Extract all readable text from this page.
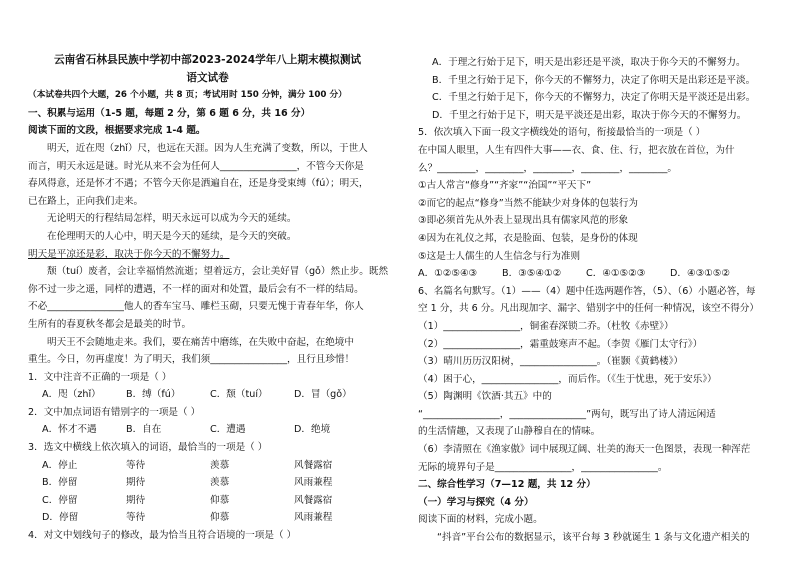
云南省石林县民族中学初中部2023-2024学年八上期末模拟测试
语文试卷
（本试卷共四个大题，26 个小题，共 8 页；考试用时 150 分钟，满分 100 分）
一、积累与运用（1-5 题，每题 2 分，第 6 题 6 分，共 16 分）
阅读下面的文段，根据要求完成 1-4 题。
明天，近在咫（zhǐ）尺，也远在天涯。因为人生充满了变数，所以，于世人
而言，明天永远是谜。时光从来不会为任何人________________，不管今天你是
春风得意，还是怀才不遇；不管今天你是洒遍自在，还是身受束缚（fú）；明天，
已在路上，正向我们走来。
无论明天的行程结局怎样，明天永远可以成为今天的延续。
在伦理明天的人心中，明天是今天的延续，是今天的突破。
明天是平凉还是彩，取决于你今天的不懈努力。
颓（tuí）废者，会让幸福悄然流逝；望着远方，会让美好冒（gǒ）然止步。既然
你不过一步之遥，同样的遭遇，不一样的面对和处置，最后会有不一样的结局。
不必________________他人的香车宝马、雕栏玉砌，只要无愧于青春年华，你人
生所有的春夏秋冬都会是最美的时节。
明天王不会随地走来。我们，要在痛苦中磨练，在失败中奋起，在绝境中
重生。今日，勿再虚度！为了明天，我们须________________，且行且珍惜！
1．文中注音不正确的一项是（ ）
A．咫（zhǐ）	B．缚（fú）	C．颓（tuí）	D．冒（gǒ）
2．文中加点词语有错别字的一项是（ ）
A．怀才不遇	B．自在	C．遭遇	D．绝境
3．选文中横线上依次填入的词语，最恰当的一项是（ ）
A．停止	等待	羡慕	风餐露宿
B．停留	期待	羡慕	风雨兼程
C．停留	期待	仰慕	风餐露宿
D．停留	等待	仰慕	风雨兼程
4．对文中划线句子的修改，最为恰当且符合语境的一项是（ ）
A．于理之行始于足下，明天是出彩还是平淡，取决于你今天的不懈努力。
B．千里之行始于足下，你今天的不懈努力，决定了你明天是出彩还是平淡。
C．千里之行始于足下，你今天的不懈努力，决定了你明天是平淡还是出彩。
D．千里之行始于足下，明天是平淡还是出彩，取决于你今天的不懈努力。
5．依次填入下面一段文字横线处的语句，衔接最恰当的一项是（ ）
在中国人眼里，人生有四件大事——衣、食、住、行，把衣放在首位，为什
么？________，________，________，________，________。
①古人常言“修身”“齐家”“治国”“平天下”
②而它的起点“修身”当然不能缺少对身体的包装行为
③即必须首先从外表上显现出具有儒家风范的形象
④因为在礼仪之邦，衣是脸面、包装，是身份的体现
⑤这是士人儒生的人生信念与行为准则
A．①②⑤④③	B．③⑤④①②	C．④①⑤②③	D．④③①⑤②
6、名篇名句默写。（1）——（4）题中任选两题作答，（5）、（6）小题必答，每
空 1 分，共 6 分。凡出现加字、漏字、错别字中的任何一种情况，该空不得分）
（1）________________，铜雀春深锁二乔。（杜牧《赤壁》）
（2）________________，霜重鼓寒声不起。（李贺《雁门太守行》）
（3）晴川历历汉阳树，________________。（崔颢《黄鹤楼》）
（4）困于心，________________，而后作。（《生于忧患，死于安乐》）
（5）陶渊明《饮酒·其五》中的
“________________，________________”两句，既写出了诗人清远闲适
的生活情趣，又表现了山静穆自在的情味。
（6）李清照在《渔家傲》词中展现辽阔、壮美的海天一色图景，表现一种浑茫
无际的境界句子是________________，________________。
二、综合性学习（7—12 题，共 12 分）
（一）学习与探究（4 分）
阅读下面的材料，完成小题。
“抖音”平台公布的数据显示，该平台每 3 秒就诞生 1 条与文化遗产相关的
